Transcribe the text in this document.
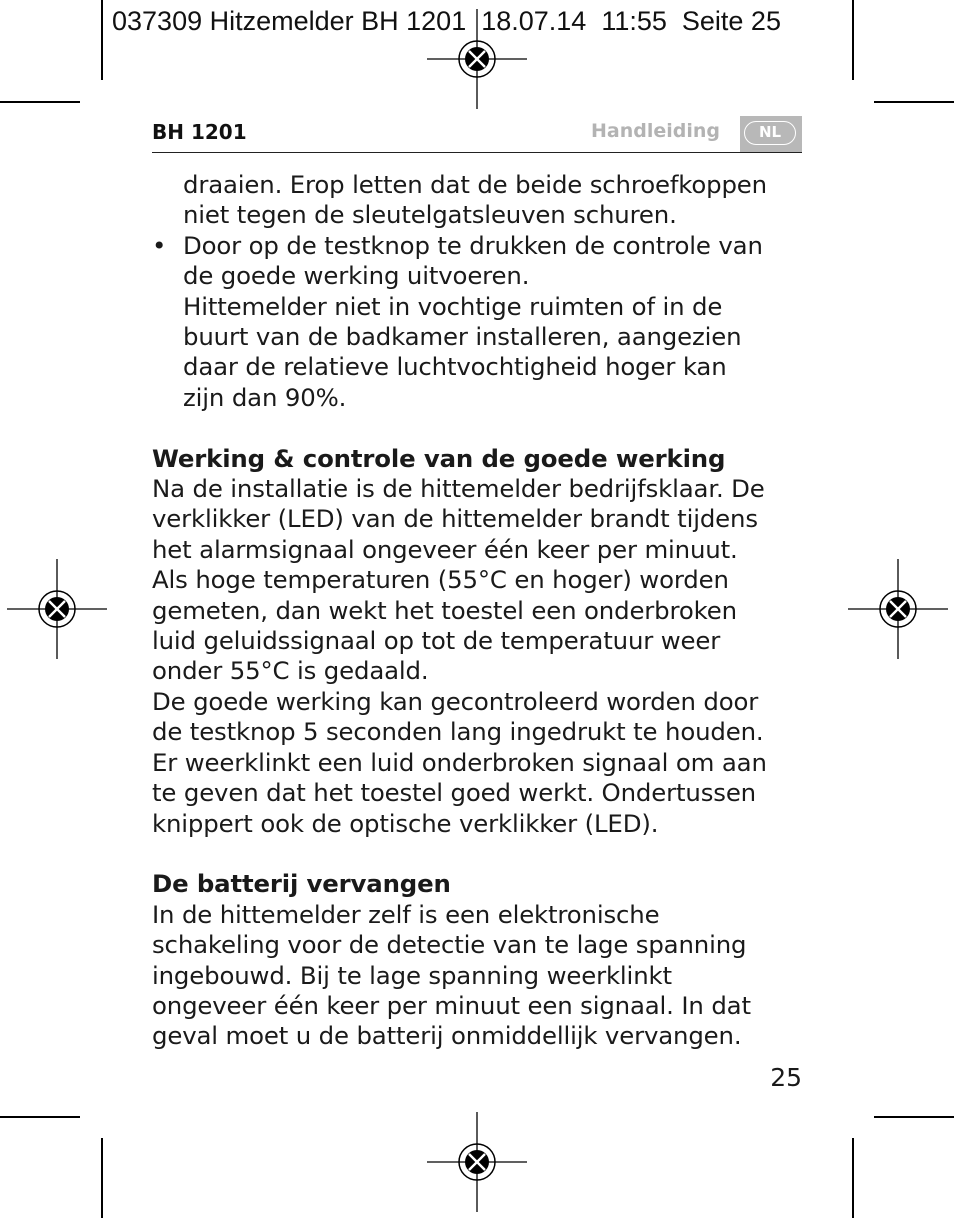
037309 Hitzemelder BH 1201  18.07.14  11:55  Seite 25
BH 1201	Handleiding	NL

draaien. Erop letten dat de beide schroefkoppen

niet tegen de sleutelgatsleuven schuren.

• Door op de testknop te drukken de controle van

de goede werking uitvoeren.

Hittemelder niet in vochtige ruimten of in de

buurt van de badkamer installeren, aangezien

daar de relatieve luchtvochtigheid hoger kan

zijn dan 90%.

Werking & controle van de goede werking

Na de installatie is de hittemelder bedrijfsklaar. De

verklikker (LED) van de hittemelder brandt tijdens

het alarmsignaal ongeveer één keer per minuut.

Als hoge temperaturen (55°C en hoger) worden

gemeten, dan wekt het toestel een onderbroken

luid geluidssignaal op tot de temperatuur weer

onder 55°C is gedaald.

De goede werking kan gecontroleerd worden door

de testknop 5 seconden lang ingedrukt te houden.

Er weerklinkt een luid onderbroken signaal om aan

te geven dat het toestel goed werkt. Ondertussen

knippert ook de optische verklikker (LED).

De batterij vervangen

In de hittemelder zelf is een elektronische

schakeling voor de detectie van te lage spanning

ingebouwd. Bij te lage spanning weerklinkt

ongeveer één keer per minuut een signaal. In dat

geval moet u de batterij onmiddellijk vervangen.

25
